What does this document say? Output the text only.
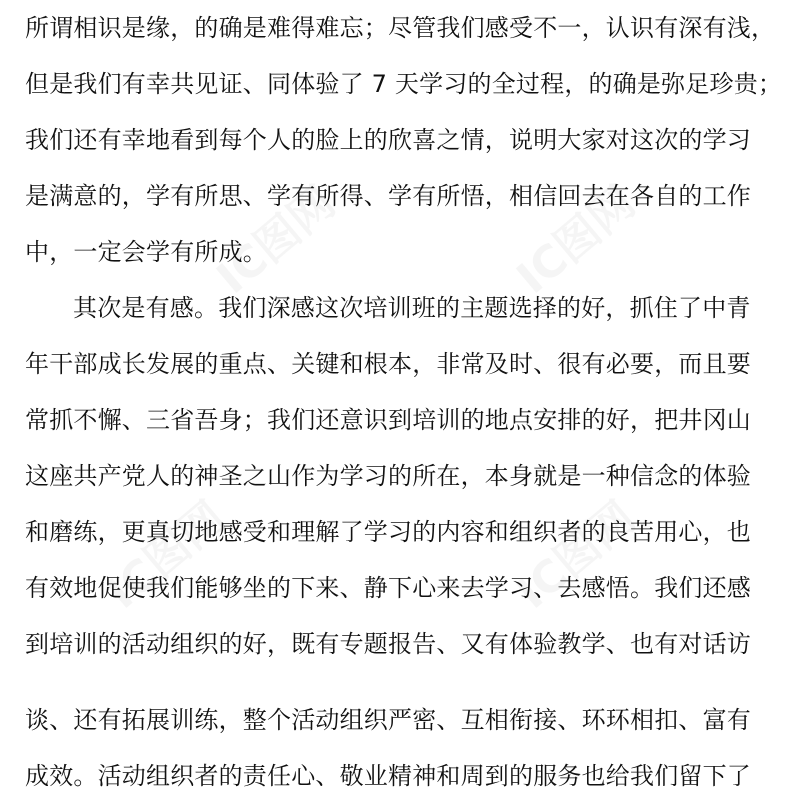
IC图网	IC图网
IC图网	IC图网
所谓相识是缘，的确是难得难忘；尽管我们感受不一，认识有深有浅，
但是我们有幸共见证、同体验了 7 天学习的全过程，的确是弥足珍贵；
我们还有幸地看到每个人的脸上的欣喜之情，说明大家对这次的学习
是满意的，学有所思、学有所得、学有所悟，相信回去在各自的工作
中，一定会学有所成。
其次是有感。我们深感这次培训班的主题选择的好，抓住了中青
年干部成长发展的重点、关键和根本，非常及时、很有必要，而且要
常抓不懈、三省吾身；我们还意识到培训的地点安排的好，把井冈山
这座共产党人的神圣之山作为学习的所在，本身就是一种信念的体验
和磨练，更真切地感受和理解了学习的内容和组织者的良苦用心，也
有效地促使我们能够坐的下来、静下心来去学习、去感悟。我们还感
到培训的活动组织的好，既有专题报告、又有体验教学、也有对话访
谈、还有拓展训练，整个活动组织严密、互相衔接、环环相扣、富有
成效。活动组织者的责任心、敬业精神和周到的服务也给我们留下了
